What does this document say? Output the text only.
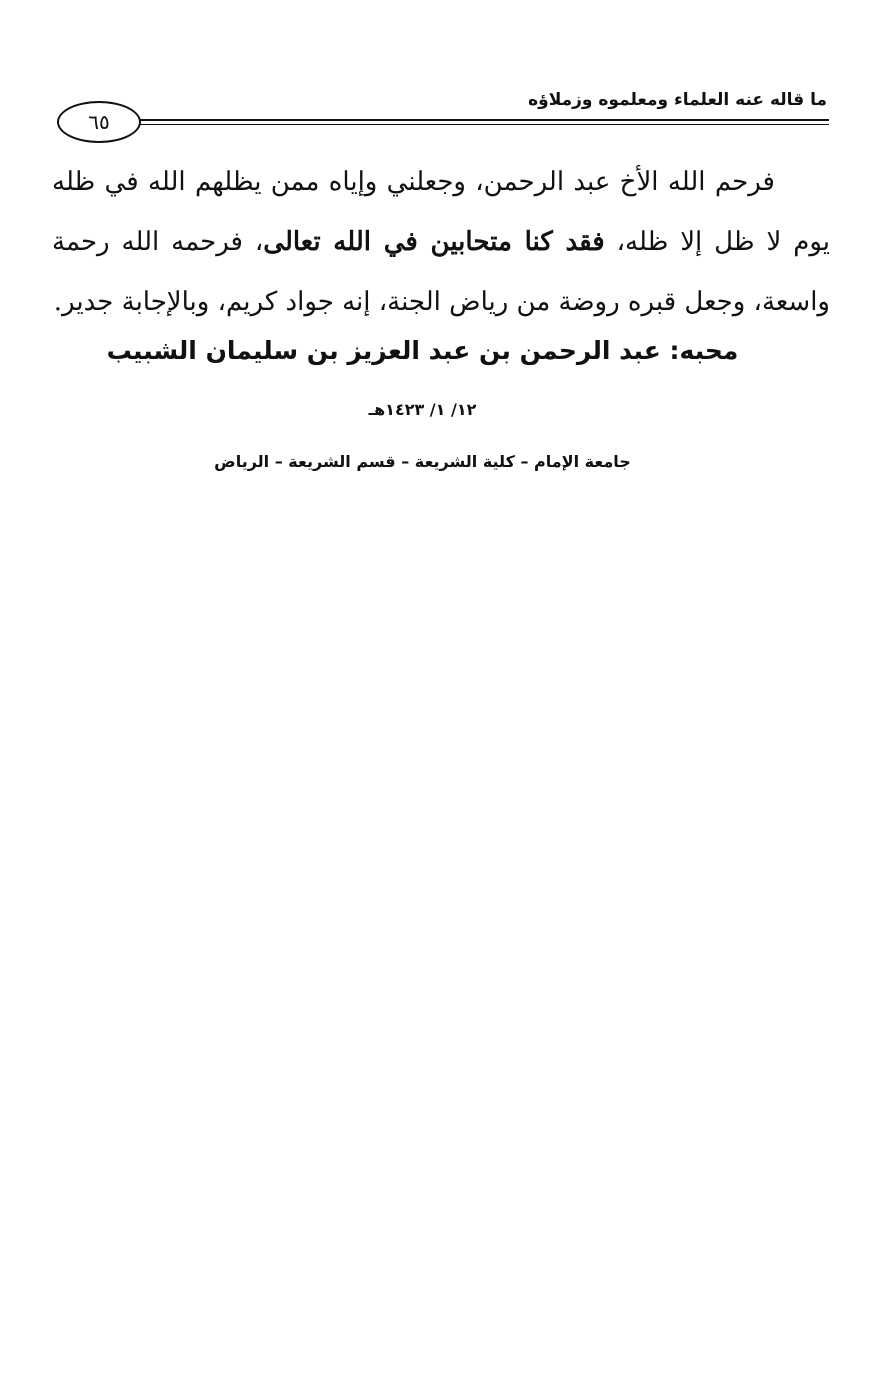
ما قاله عنه العلماء ومعلموه وزملاؤه
٦٥

فرحم الله الأخ عبد الرحمن، وجعلني وإياه ممن يظلهم الله في ظله يوم لا ظل إلا ظله، فقد كنا متحابين في الله تعالى، فرحمه الله رحمة واسعة، وجعل قبره روضة من رياض الجنة، إنه جواد كريم، وبالإجابة جدير.

محبه: عبد الرحمن بن عبد العزيز بن سليمان الشبيب
١٢/ ١/ ١٤٢٣هـ
جامعة الإمام – كلية الشريعة – قسم الشريعة – الرياض
